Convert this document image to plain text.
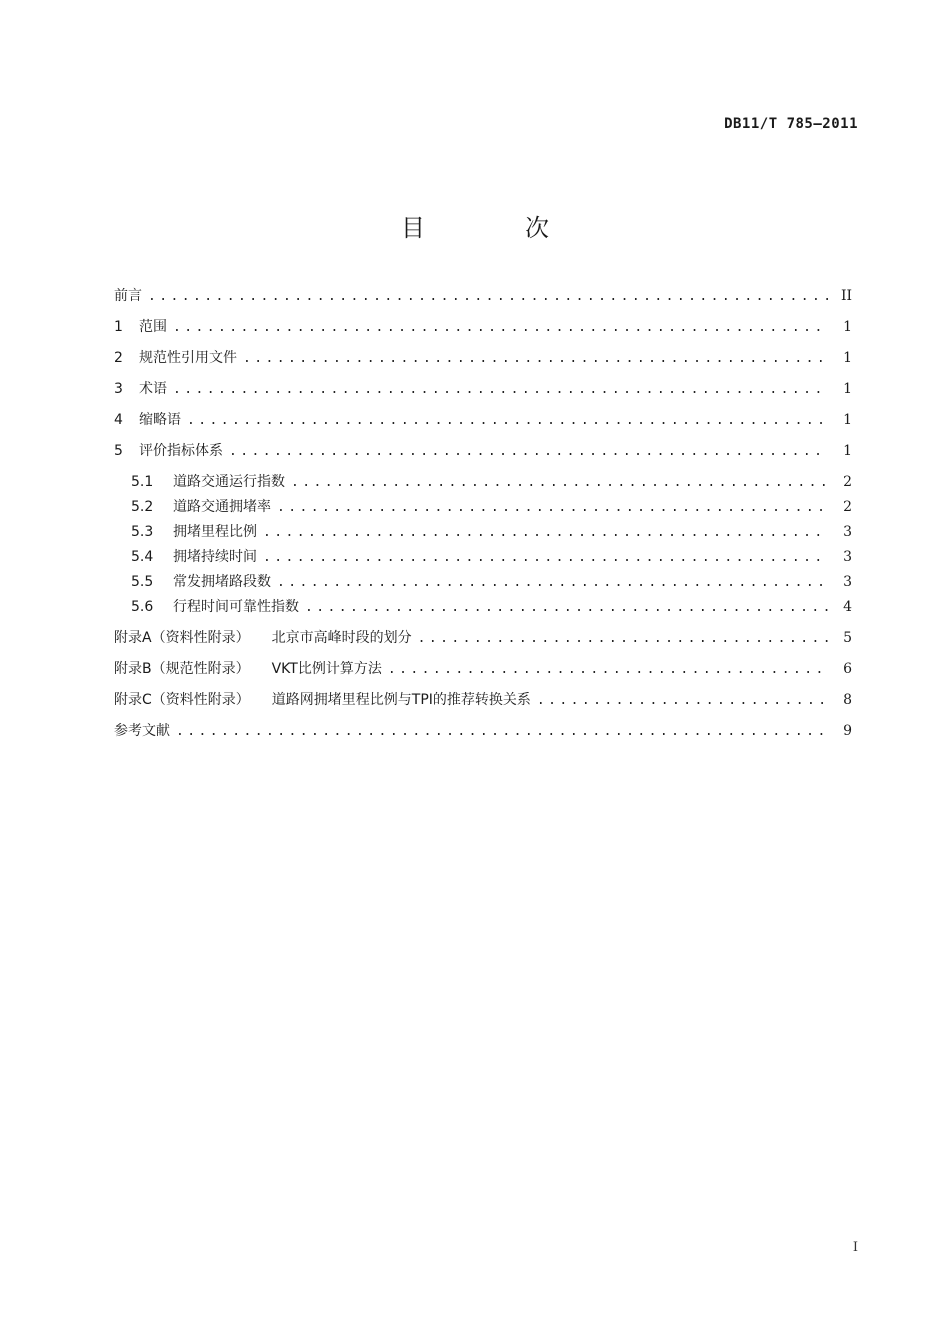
DB11/T 785—2011
目　次
前言 . . .	II
1	范围 . . .	1
2	规范性引用文件 . . .	1
3	术语 . . .	1
4	缩略语 . . .	1
5	评价指标体系 . . .	1
5.1	道路交通运行指数 . . .	2
5.2	道路交通拥堵率 . . .	2
5.3	拥堵里程比例 . . .	3
5.4	拥堵持续时间 . . .	3
5.5	常发拥堵路段数 . . .	3
5.6	行程时间可靠性指数 . . .	4
附录A（资料性附录） 北京市高峰时段的划分 . . .	5
附录B（规范性附录） VKT比例计算方法 . . .	6
附录C（资料性附录） 道路网拥堵里程比例与TPI的推荐转换关系 . . .	8
参考文献 . . .	9
I
